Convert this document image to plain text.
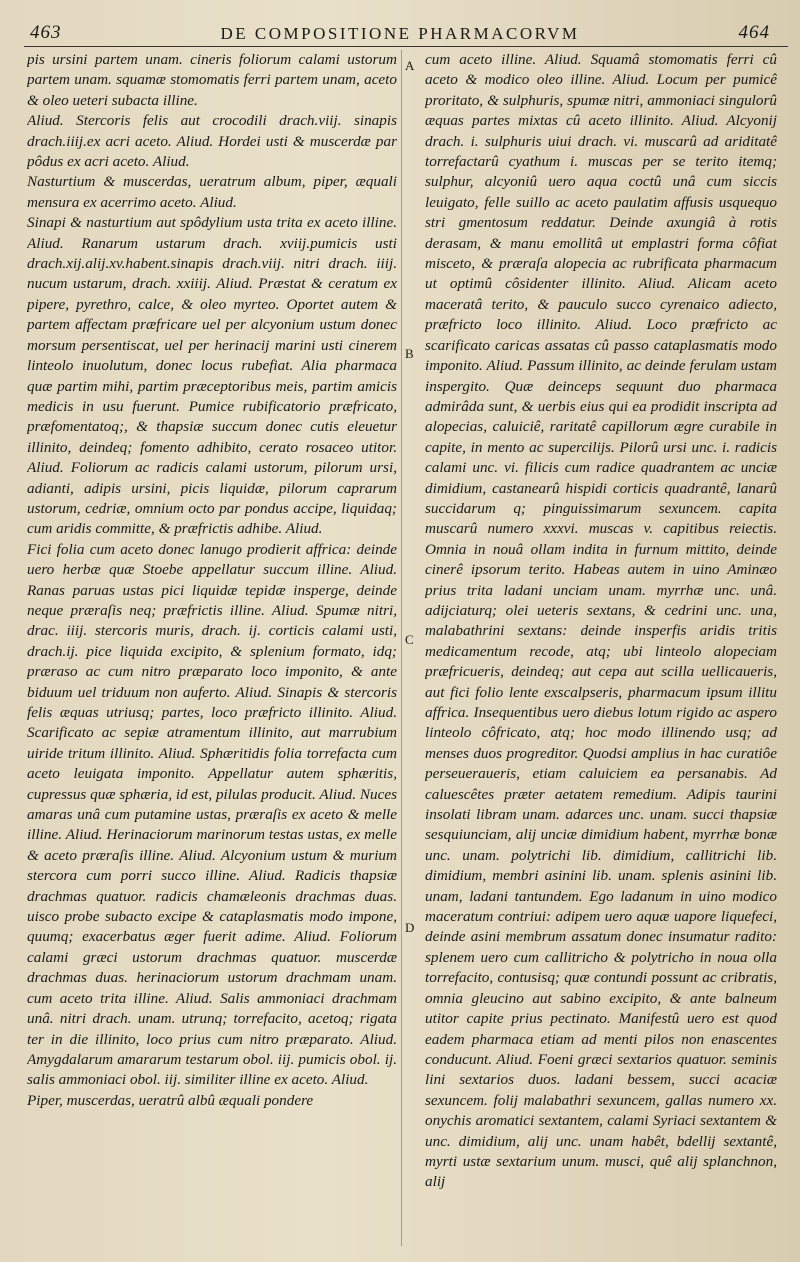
463	DE COMPOSITIONE PHARMACORVM	464

pis ursini partem unam. cineris foliorum calami ustorum partem unam. squamæ stomomatis ferri partem unam, aceto & oleo ueteri subacta illine.

Aliud. Stercoris felis aut crocodili drach.viij. sinapis drach.iiij.ex acri aceto. Aliud. Hordei usti & muscerdæ par pôdus ex acri aceto. Aliud.

Nasturtium & muscerdas, ueratrum album, piper, æquali mensura ex acerrimo aceto. Aliud.

Sinapi & nasturtium aut spôdylium usta trita ex aceto illine. Aliud. Ranarum ustarum drach. xviij.pumicis usti drach.xij.alij.xv.habent.sinapis drach.viij. nitri drach. iiij. nucum ustarum, drach. xxiiij. Aliud. Præstat & ceratum ex pipere, pyrethro, calce, & oleo myrteo. Oportet autem & partem affectam præfricare uel per alcyonium ustum donec morsum persentiscat, uel per herinacij marini usti cinerem linteolo inuolutum, donec locus rubefiat. Alia pharmaca quæ partim mihi, partim præceptoribus meis, partim amicis medicis in usu fuerunt. Pumice rubificatorio præfricato, præfomentatoq;, & thapsiæ succum donec cutis eleuetur illinito, deindeq; fomento adhibito, cerato rosaceo utitor. Aliud. Foliorum ac radicis calami ustorum, pilorum ursi, adianti, adipis ursini, picis liquidæ, pilorum caprarum ustorum, cedriæ, omnium octo par pondus accipe, liquidaq; cum aridis committe, & præfrictis adhibe. Aliud.

Fici folia cum aceto donec lanugo prodierit affrica: deinde uero herbæ quæ Stoebe appellatur succum illine. Aliud. Ranas paruas ustas pici liquidæ tepidæ insperge, deinde neque præraſis neq; præfrictis illine. Aliud. Spumæ nitri, drac. iiij. stercoris muris, drach. ij. corticis calami usti, drach.ij. pice liquida excipito, & splenium formato, idq; præraso ac cum nitro præparato loco imponito, & ante biduum uel triduum non auferto. Aliud. Sinapis & stercoris felis æquas utriusq; partes, loco præfricto illinito. Aliud. Scarificato ac sepiæ atramentum illinito, aut marrubium uiride tritum illinito. Aliud. Sphæritidis folia torrefacta cum aceto leuigata imponito. Appellatur autem sphæritis, cupressus quæ sphæria, id est, pilulas producit. Aliud. Nuces amaras unâ cum putamine ustas, præraſis ex aceto & melle illine. Aliud. Herinaciorum marinorum testas ustas, ex melle & aceto præraſis illine. Aliud. Alcyonium ustum & murium stercora cum porri succo illine. Aliud. Radicis thapsiæ drachmas quatuor. radicis chamæleonis drachmas duas. uisco probe subacto excipe & cataplasmatis modo impone, quumq; exacerbatus æger fuerit adime. Aliud. Foliorum calami græci ustorum drachmas quatuor. muscerdæ drachmas duas. herinaciorum ustorum drachmam unam. cum aceto trita illine. Aliud. Salis ammoniaci drachmam unâ. nitri drach. unam. utrunq; torrefacito, acetoq; rigata ter in die illinito, loco prius cum nitro præparato. Aliud. Amygdalarum amararum testarum obol. iij. pumicis obol. ij. salis ammoniaci obol. iij. similiter illine ex aceto. Aliud.

Piper, muscerdas, ueratrû albû æquali pondere

A
B
C
D

cum aceto illine. Aliud. Squamâ stomomatis ferri cû aceto & modico oleo illine. Aliud. Locum per pumicê proritato, & sulphuris, spumæ nitri, ammoniaci singulorû æquas partes mixtas cû aceto illinito. Aliud. Alcyonij drach. i. sulphuris uiui drach. vi. muscarû ad ariditatê torrefactarû cyathum i. muscas per se terito itemq; sulphur, alcyoniû uero aqua coctû unâ cum siccis leuigato, felle suillo ac aceto paulatim affusis usquequo stri gmentosum reddatur. Deinde axungiâ à rotis derasam, & manu emollitâ ut emplastri forma côfiat misceto, & præraſa alopecia ac rubrificata pharmacum ut optimû côsidenter illinito. Aliud. Alicam aceto maceratâ terito, & pauculo succo cyrenaico adiecto, præfricto loco illinito. Aliud. Loco præfricto ac scarificato caricas assatas cû passo cataplasmatis modo imponito. Aliud. Passum illinito, ac deinde ferulam ustam inspergito. Quæ deinceps sequunt duo pharmaca admirâda sunt, & uerbis eius qui ea prodidit inscripta ad alopecias, caluiciê, raritatê capillorum ægre curabile in capite, in mento ac supercilijs. Pilorû ursi unc. i. radicis calami unc. vi. filicis cum radice quadrantem ac unciæ dimidium, castanearû hispidi corticis quadrantê, lanarû succidarum q; pinguissimarum sexuncem. capita muscarû numero xxxvi. muscas v. capitibus reiectis. Omnia in nouâ ollam indita in furnum mittito, deinde cinerê ipsorum terito. Habeas autem in uino Aminæo prius trita ladani unciam unam. myrrhæ unc. unâ. adijciaturq; olei ueteris sextans, & cedrini unc. una, malabathrini sextans: deinde insperfis aridis tritis medicamentum recode, atq; ubi linteolo alopeciam præfricueris, deindeq; aut cepa aut scilla uellicaueris, aut fici folio lente exscalpseris, pharmacum ipsum illitu affrica. Insequentibus uero diebus lotum rigido ac aspero linteolo côfricato, atq; hoc modo illinendo usq; ad menses duos progreditor. Quodsi amplius in hac curatiôe perseueraueris, etiam caluiciem ea persanabis. Ad caluescêtes præter aetatem remedium. Adipis taurini insolati libram unam. adarces unc. unam. succi thapsiæ sesquiunciam, alij unciæ dimidium habent, myrrhæ bonæ unc. unam. polytrichi lib. dimidium, callitrichi lib. dimidium, membri asinini lib. unam. splenis asinini lib. unam, ladani tantundem. Ego ladanum in uino modico maceratum contriui: adipem uero aquæ uapore liquefeci, deinde asini membrum assatum donec insumatur radito: splenem uero cum callitricho & polytricho in noua olla torrefacito, contusisq; quæ contundi possunt ac cribratis, omnia gleucino aut sabino excipito, & ante balneum utitor capite prius pectinato. Manifestû uero est quod eadem pharmaca etiam ad menti pilos non enascentes conducunt. Aliud. Foeni græci sextarios quatuor. seminis lini sextarios duos. ladani bessem, succi acaciæ sexuncem. folij malabathri sexuncem, gallas numero xx. onychis aromatici sextantem, calami Syriaci sextantem & unc. dimidium, alij unc. unam habêt, bdellij sextantê, myrti ustæ sextarium unum. musci, quê alij splanchnon, alij
